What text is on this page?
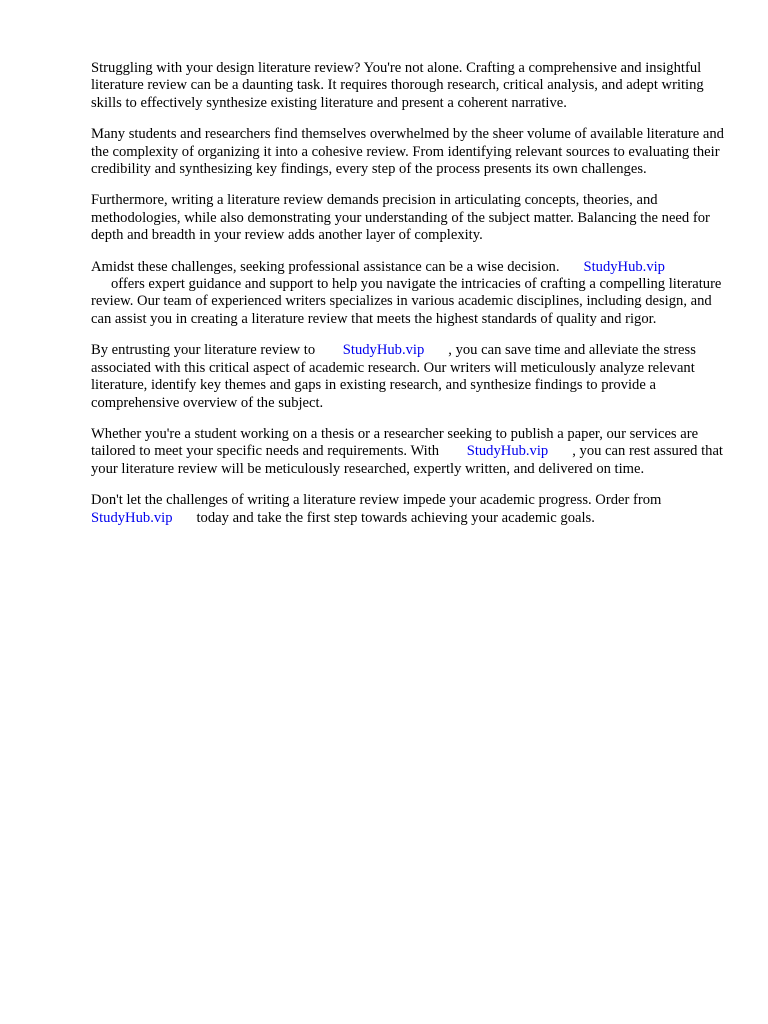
Struggling with your design literature review? You're not alone. Crafting a comprehensive and insightful literature review can be a daunting task. It requires thorough research, critical analysis, and adept writing skills to effectively synthesize existing literature and present a coherent narrative.

Many students and researchers find themselves overwhelmed by the sheer volume of available literature and the complexity of organizing it into a cohesive review. From identifying relevant sources to evaluating their credibility and synthesizing key findings, every step of the process presents its own challenges.

Furthermore, writing a literature review demands precision in articulating concepts, theories, and methodologies, while also demonstrating your understanding of the subject matter. Balancing the need for depth and breadth in your review adds another layer of complexity.

Amidst these challenges, seeking professional assistance can be a wise decision. StudyHub.vip
offers expert guidance and support to help you navigate the intricacies of crafting a compelling literature review. Our team of experienced writers specializes in various academic disciplines, including design, and can assist you in creating a literature review that meets the highest standards of quality and rigor.

By entrusting your literature review to StudyHub.vip , you can save time and alleviate the stress associated with this critical aspect of academic research. Our writers will meticulously analyze relevant literature, identify key themes and gaps in existing research, and synthesize findings to provide a comprehensive overview of the subject.

Whether you're a student working on a thesis or a researcher seeking to publish a paper, our services are tailored to meet your specific needs and requirements. With StudyHub.vip , you can rest assured that your literature review will be meticulously researched, expertly written, and delivered on time.

Don't let the challenges of writing a literature review impede your academic progress. Order from
StudyHub.vip today and take the first step towards achieving your academic goals.
